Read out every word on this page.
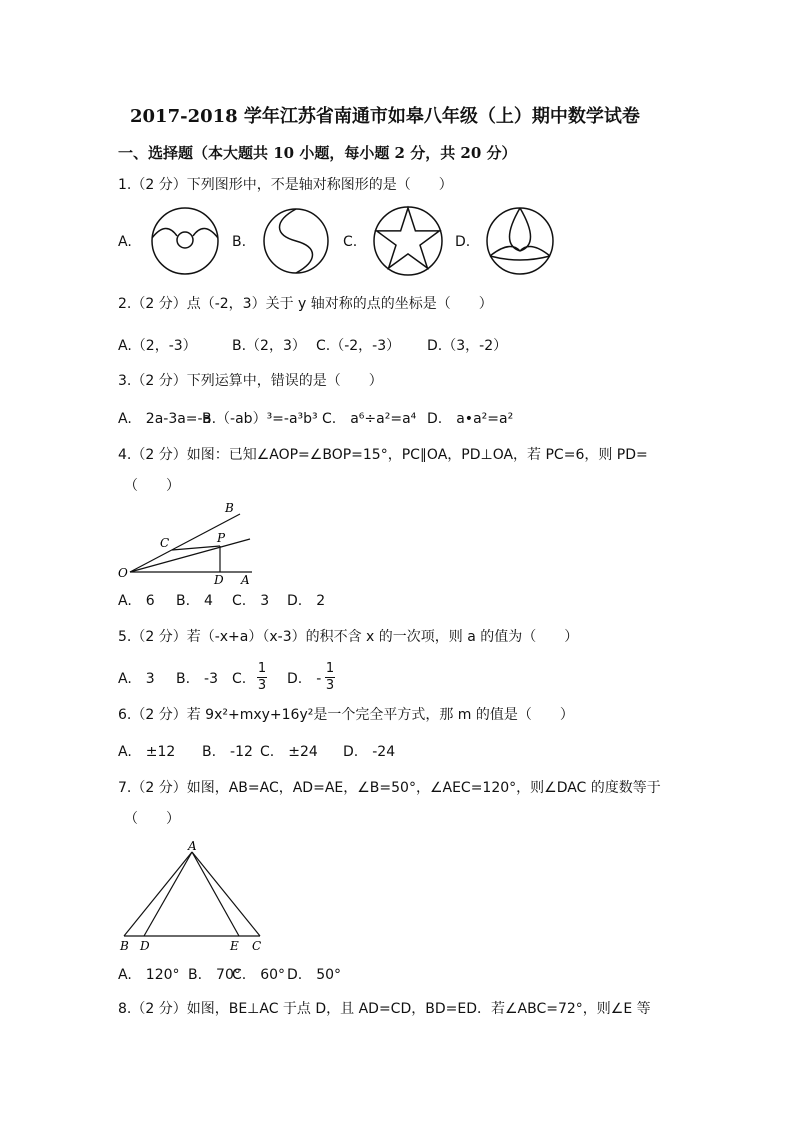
2017-2018 学年江苏省南通市如皋八年级（上）期中数学试卷
一、选择题（本大题共 10 小题，每小题 2 分，共 20 分）
1.（2 分）下列图形中，不是轴对称图形的是（　　）
A.	B.	C.	D.
2.（2 分）点（-2，3）关于 y 轴对称的点的坐标是（　　）
A.（2，-3）	B.（2，3） C.（-2，-3） D.（3，-2）
3.（2 分）下列运算中，错误的是（　　）
A.　2a-3a=-a
B.（-ab）³=-a³b³ C.　a⁶÷a²=a⁴ D.　a•a²=a²
4.（2 分）如图：已知∠AOP=∠BOP=15°，PC∥OA，PD⊥OA，若 PC=6，则 PD=
（　　）
B
C	P
O	D A
A.　6 B.　4 C.　3 D.　2
5.（2 分）若（-x+a）（x-3）的积不含 x 的一次项，则 a 的值为（　　）
A.　3 B.　-3 C.
1
3 D.　-
1
3
6.（2 分）若 9x²+mxy+16y²是一个完全平方式，那 m 的值是（　　）
A.　±12 B.　-12 C.　±24 D.　-24
7.（2 分）如图，AB=AC，AD=AE，∠B=50°，∠AEC=120°，则∠DAC 的度数等于
（　　）
A
B D	E C
A.　120° B.　70°
C.　60° D.　50°
8.（2 分）如图，BE⊥AC 于点 D，且 AD=CD，BD=ED．若∠ABC=72°，则∠E 等
